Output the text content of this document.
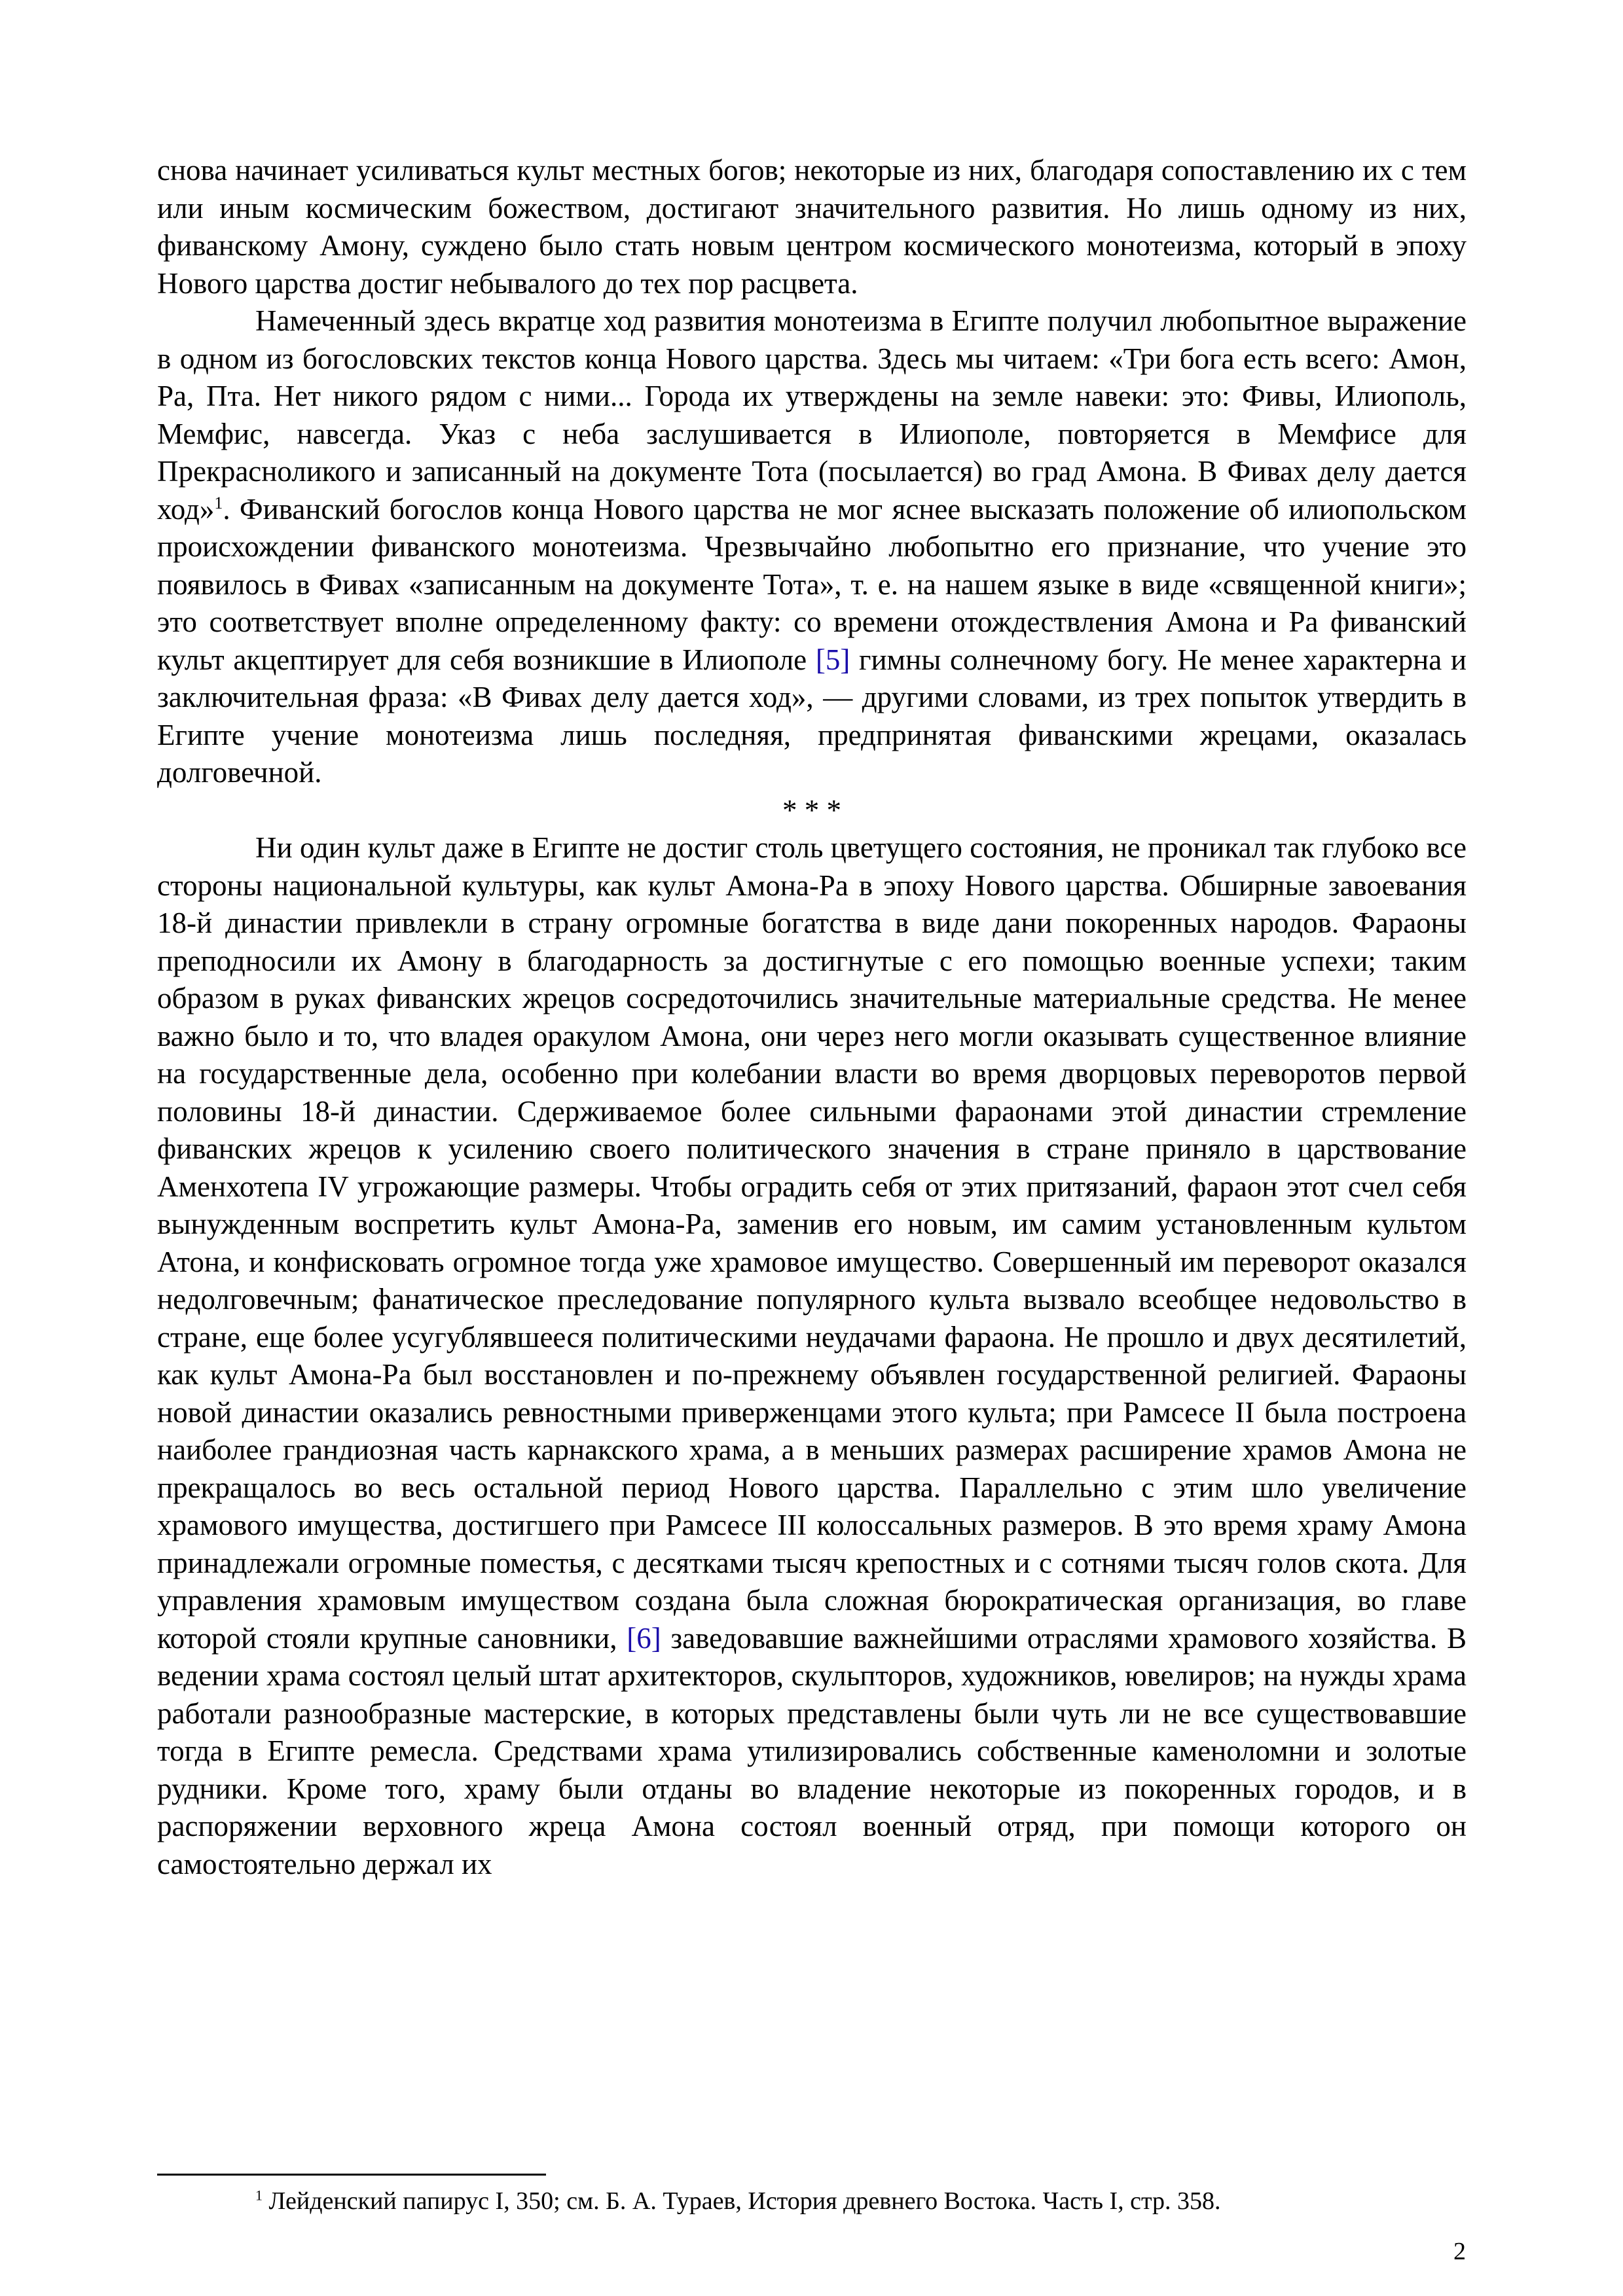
снова начинает усиливаться культ местных богов; некоторые из них, благодаря сопоставлению их с тем или иным космическим божеством, достигают значительного развития. Но лишь одному из них, фиванскому Амону, суждено было стать новым центром космического монотеизма, который в эпоху Нового царства достиг небывалого до тех пор расцвета.

Намеченный здесь вкратце ход развития монотеизма в Египте получил любопытное выражение в одном из богословских текстов конца Нового царства. Здесь мы читаем: «Три бога есть всего: Амон, Ра, Пта. Нет никого рядом с ними... Города их утверждены на земле навеки: это: Фивы, Илиополь, Мемфис, навсегда. Указ с неба заслушивается в Илиополе, повторяется в Мемфисе для Прекрасноликого и записанный на документе Тота (посылается) во град Амона. В Фивах делу дается ход»$^1$. Фиванский богослов конца Нового царства не мог яснее высказать положение об илиопольском происхождении фиванского монотеизма. Чрезвычайно любопытно его признание, что учение это появилось в Фивах «записанным на документе Тота», т. е. на нашем языке в виде «священной книги»; это соответствует вполне определенному факту: со времени отождествления Амона и Ра фиванский культ акцептирует для себя возникшие в Илиополе [5] гимны солнечному богу. Не менее характерна и заключительная фраза: «В Фивах делу дается ход», — другими словами, из трех попыток утвердить в Египте учение монотеизма лишь последняя, предпринятая фиванскими жрецами, оказалась долговечной.

* * *

Ни один культ даже в Египте не достиг столь цветущего состояния, не проникал так глубоко все стороны национальной культуры, как культ Амона-Ра в эпоху Нового царства. Обширные завоевания 18-й династии привлекли в страну огромные богатства в виде дани покоренных народов. Фараоны преподносили их Амону в благодарность за достигнутые с его помощью военные успехи; таким образом в руках фиванских жрецов сосредоточились значительные материальные средства. Не менее важно было и то, что владея оракулом Амона, они через него могли оказывать существенное влияние на государственные дела, особенно при колебании власти во время дворцовых переворотов первой половины 18-й династии. Сдерживаемое более сильными фараонами этой династии стремление фиванских жрецов к усилению своего политического значения в стране приняло в царствование Аменхотепа IV угрожающие размеры. Чтобы оградить себя от этих притязаний, фараон этот счел себя вынужденным воспретить культ Амона-Ра, заменив его новым, им самим установленным культом Атона, и конфисковать огромное тогда уже храмовое имущество. Совершенный им переворот оказался недолговечным; фанатическое преследование популярного культа вызвало всеобщее недовольство в стране, еще более усугублявшееся политическими неудачами фараона. Не прошло и двух десятилетий, как культ Амона-Ра был восстановлен и по-прежнему объявлен государственной религией. Фараоны новой династии оказались ревностными приверженцами этого культа; при Рамсесе II была построена наиболее грандиозная часть карнакского храма, а в меньших размерах расширение храмов Амона не прекращалось во весь остальной период Нового царства. Параллельно с этим шло увеличение храмового имущества, достигшего при Рамсесе III колоссальных размеров. В это время храму Амона принадлежали огромные поместья, с десятками тысяч крепостных и с сотнями тысяч голов скота. Для управления храмовым имуществом создана была сложная бюрократическая организация, во главе которой стояли крупные сановники, [6] заведовавшие важнейшими отраслями храмового хозяйства. В ведении храма состоял целый штат архитекторов, скульпторов, художников, ювелиров; на нужды храма работали разнообразные мастерские, в которых представлены были чуть ли не все существовавшие тогда в Египте ремесла. Средствами храма утилизировались собственные каменоломни и золотые рудники. Кроме того, храму были отданы во владение некоторые из покоренных городов, и в распоряжении верховного жреца Амона состоял военный отряд, при помощи которого он самостоятельно держал их

$^1$ Лейденский папирус I, 350; см. Б. А. Тураев, История древнего Востока. Часть I, стр. 358.

2
